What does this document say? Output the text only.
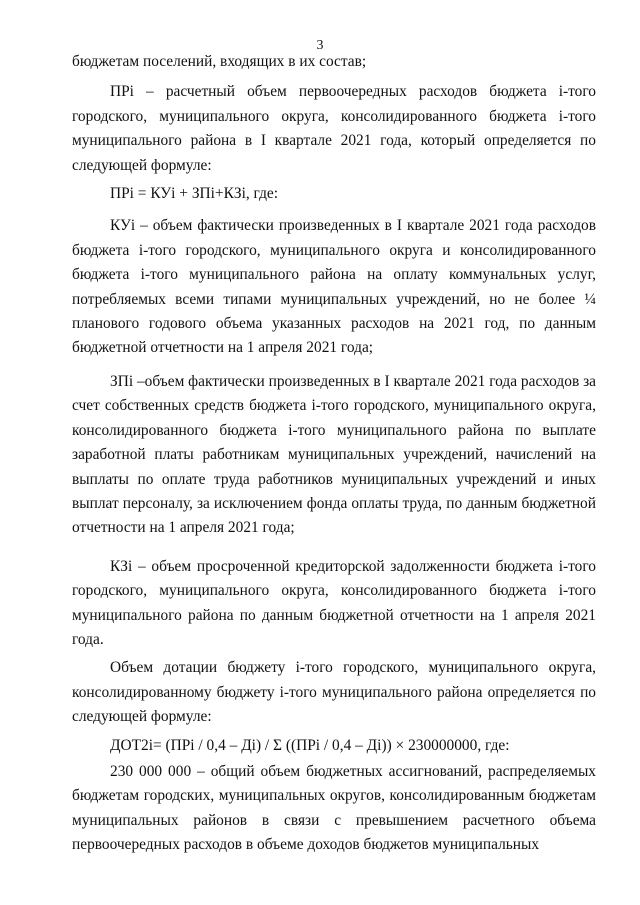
3

бюджетам поселений, входящих в их состав;

ПРi – расчетный объем первоочередных расходов бюджета i-того городского, муниципального округа, консолидированного бюджета i-того муниципального района в I квартале 2021 года, который определяется по следующей формуле:

ПРi = КУi + ЗПi+КЗi, где:

КУi – объем фактически произведенных в I квартале 2021 года расходов бюджета i-того городского, муниципального округа и консолидированного бюджета i-того муниципального района на оплату коммунальных услуг, потребляемых всеми типами муниципальных учреждений, но не более ¼ планового годового объема указанных расходов на 2021 год, по данным бюджетной отчетности на 1 апреля 2021 года;

ЗПi –объем фактически произведенных в I квартале 2021 года расходов за счет собственных средств бюджета i-того городского, муниципального округа, консолидированного бюджета i-того муниципального района по выплате заработной платы работникам муниципальных учреждений, начислений на выплаты по оплате труда работников муниципальных учреждений и иных выплат персоналу, за исключением фонда оплаты труда, по данным бюджетной отчетности на 1 апреля 2021 года;

КЗi – объем просроченной кредиторской задолженности бюджета i-того городского, муниципального округа, консолидированного бюджета i-того муниципального района по данным бюджетной отчетности на 1 апреля 2021 года.

Объем дотации бюджету i-того городского, муниципального округа, консолидированному бюджету i-того муниципального района определяется по следующей формуле:

ДОТ2i= (ПРi / 0,4 – Дi) / Σ ((ПРi / 0,4 – Дi)) × 230000000, где:

230 000 000 – общий объем бюджетных ассигнований, распределяемых бюджетам городских, муниципальных округов, консолидированным бюджетам муниципальных районов в связи с превышением расчетного объема первоочередных расходов в объеме доходов бюджетов муниципальных
